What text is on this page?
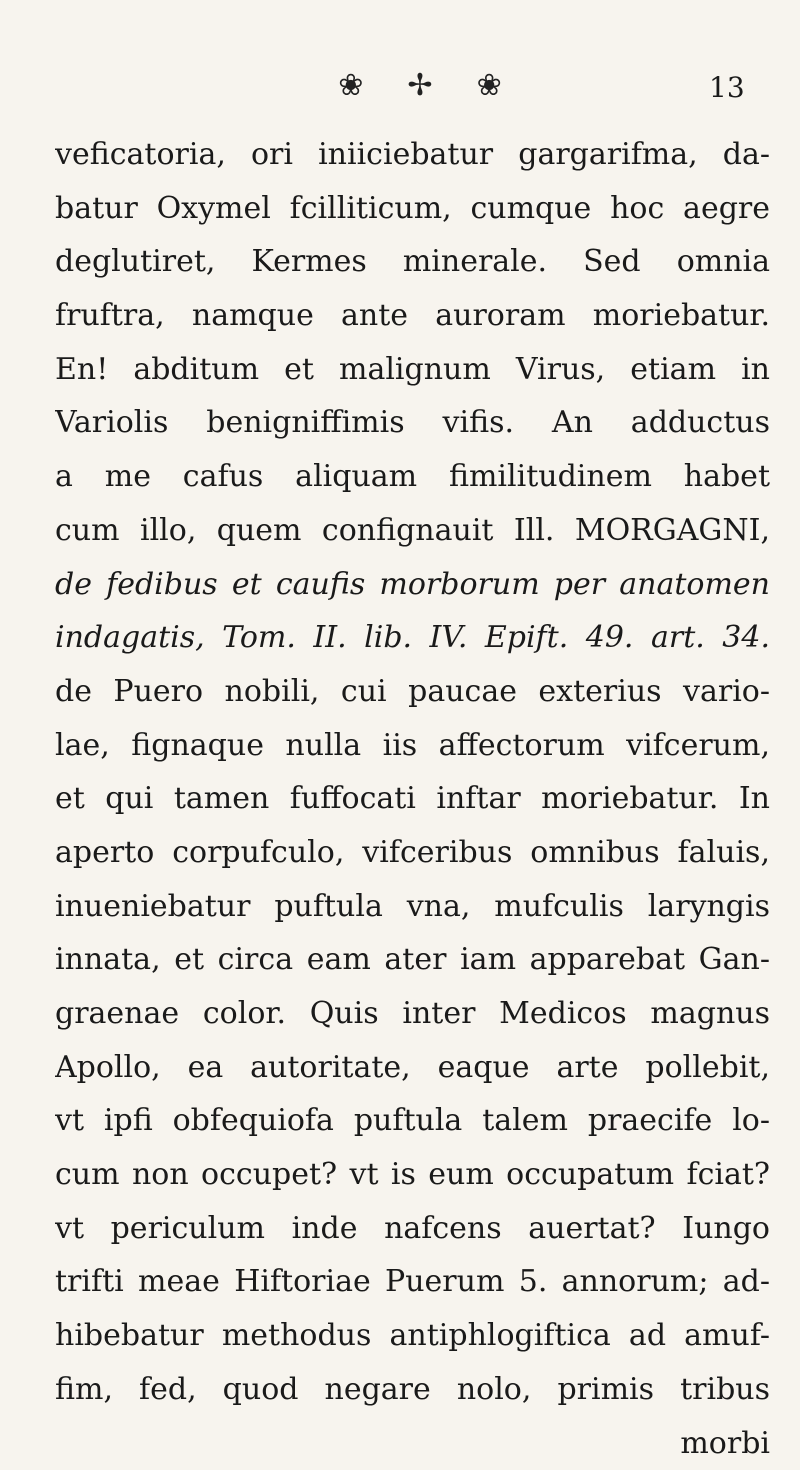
❀ ✢ ❀	13
veficatoria, ori iniiciebatur gargarifma, da-
batur Oxymel fcilliticum, cumque hoc aegre
deglutiret, Kermes minerale. Sed omnia
fruftra, namque ante auroram moriebatur.
En! abditum et malignum Virus, etiam in
Variolis benigniffimis vifis. An adductus
a me cafus aliquam fimilitudinem habet
cum illo, quem confignauit Ill. MORGAGNI,
de fedibus et caufis morborum per anatomen
indagatis, Tom. II. lib. IV. Epift. 49. art. 34.
de Puero nobili, cui paucae exterius vario-
lae, fignaque nulla iis affectorum vifcerum,
et qui tamen fuffocati inftar moriebatur. In
aperto corpufculo, vifceribus omnibus faluis,
inueniebatur puftula vna, mufculis laryngis
innata, et circa eam ater iam apparebat Gan-
graenae color. Quis inter Medicos magnus
Apollo, ea autoritate, eaque arte pollebit,
vt ipfi obfequiofa puftula talem praecife lo-
cum non occupet? vt is eum occupatum fciat?
vt periculum inde nafcens auertat? Iungo
trifti meae Hiftoriae Puerum 5. annorum; ad-
hibebatur methodus antiphlogiftica ad amuf-
fim, fed, quod negare nolo, primis tribus
morbi
